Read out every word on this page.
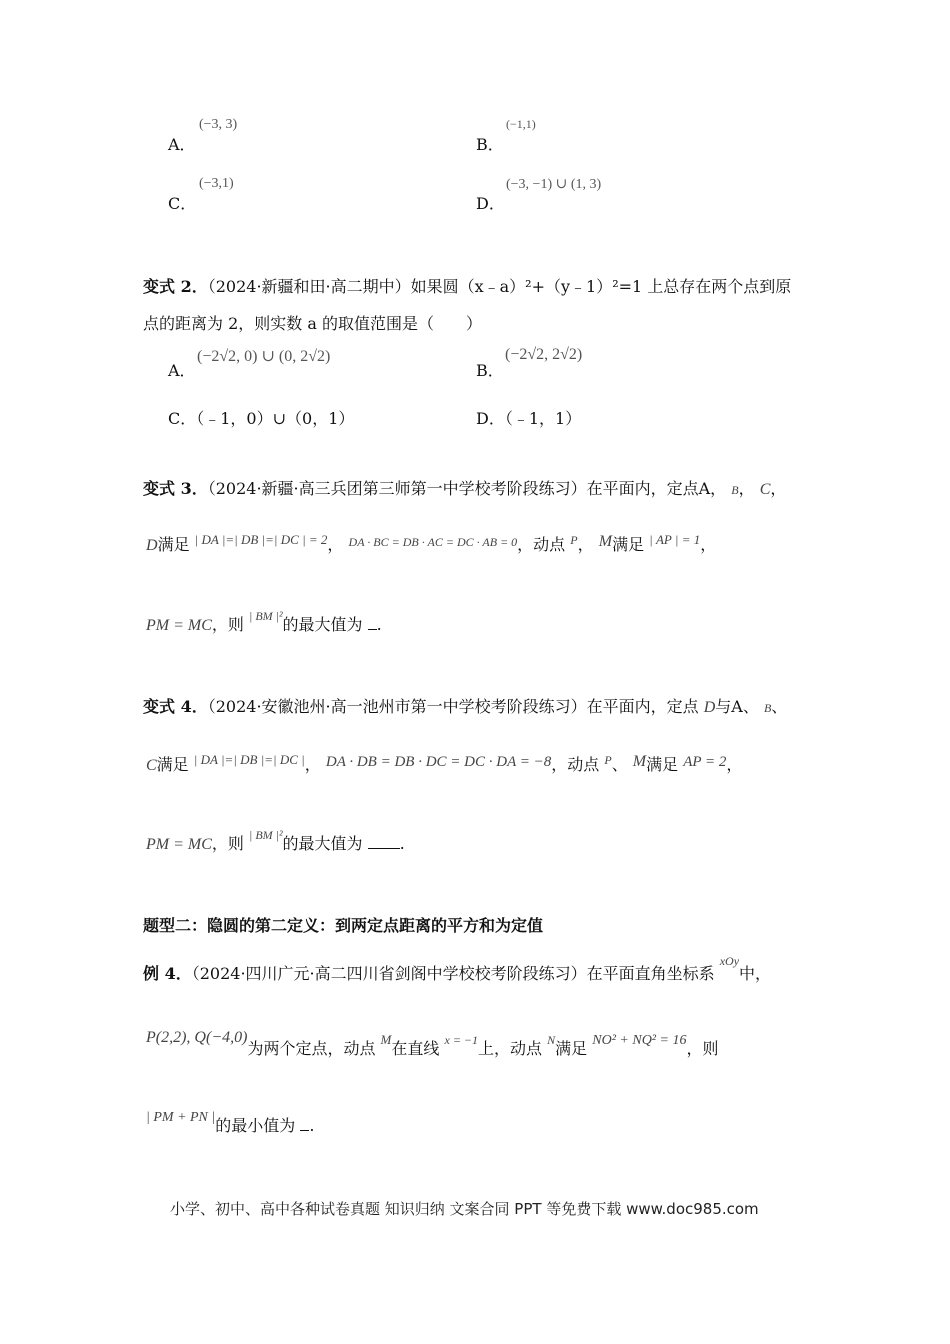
A．
(−3, 3)
B．
(−1,1)
C．
(−3,1)
D．
(−3, −1) ∪ (1, 3)
变式 2．（2024·新疆和田·高二期中）如果圆（x﹣a）²+（y﹣1）²=1 上总存在两个点到原
点的距离为 2，则实数 a 的取值范围是（　　）
A．
(−2√2, 0) ∪ (0, 2√2)
B．
(−2√2, 2√2)
C．（﹣1，0）∪（0，1）	D．（﹣1，1）
变式 3．（2024·新疆·高三兵团第三师第一中学校考阶段练习）在平面内，定点A， B， C，
D满足 $^{| DA |=| DB |=| DC | = 2}$， $^{DA \cdot BC = DB \cdot AC = DC \cdot AB = 0}$，动点 $^P$， M满足 $^{| AP | = 1}$，
PM = MC，则 $^{| BM |^2}$的最大值为 .
变式 4．（2024·安徽池州·高一池州市第一中学校考阶段练习）在平面内，定点 D与A、 B、
C满足 $^{| DA |=| DB |=| DC |}$， DA · DB = DB · DC = DC · DA = −8，动点 $^P$、 M满足 AP = 2，
PM = MC，则 $^{| BM |^2}$的最大值为 .
题型二：隐圆的第二定义：到两定点距离的平方和为定值
例 4．（2024·四川广元·高二四川省剑阁中学校校考阶段练习）在平面直角坐标系 $^{xOy}$中，
P(2,2), Q(−4,0)为两个定点，动点 $^M$在直线 $^{x = -1}$上，动点 $^N$满足 NO² + NQ² = 16，则
| PM + PN |的最小值为 .
小学、初中、高中各种试卷真题 知识归纳 文案合同 PPT 等免费下载 www.doc985.com
